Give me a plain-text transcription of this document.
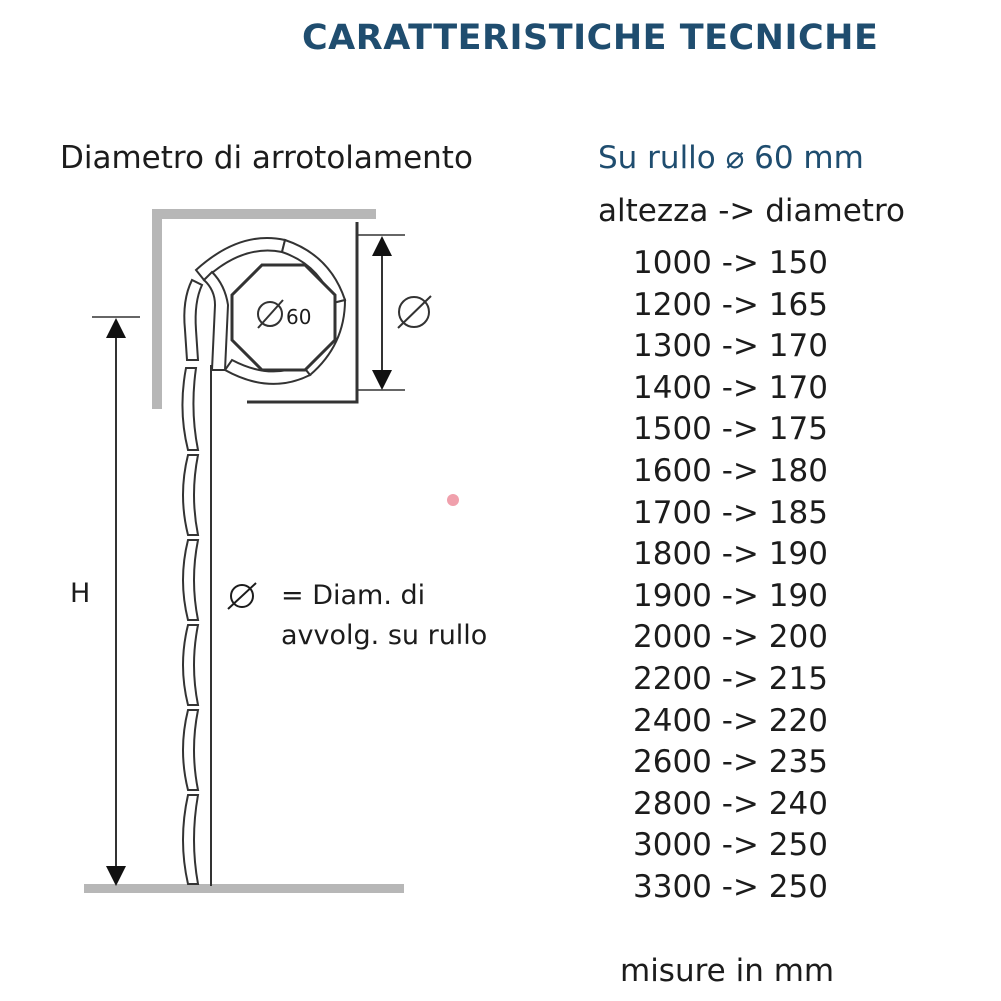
CARATTERISTICHE TECNICHE
60
Diametro di arrotolamento
H	= Diam. di
avvolg. su rullo
Su rullo ⌀ 60 mm
altezza -> diametro
1000 -> 150
1200 -> 165
1300 -> 170
1400 -> 170
1500 -> 175
1600 -> 180
1700 -> 185
1800 -> 190
1900 -> 190
2000 -> 200
2200 -> 215
2400 -> 220
2600 -> 235
2800 -> 240
3000 -> 250
3300 -> 250
misure in mm
